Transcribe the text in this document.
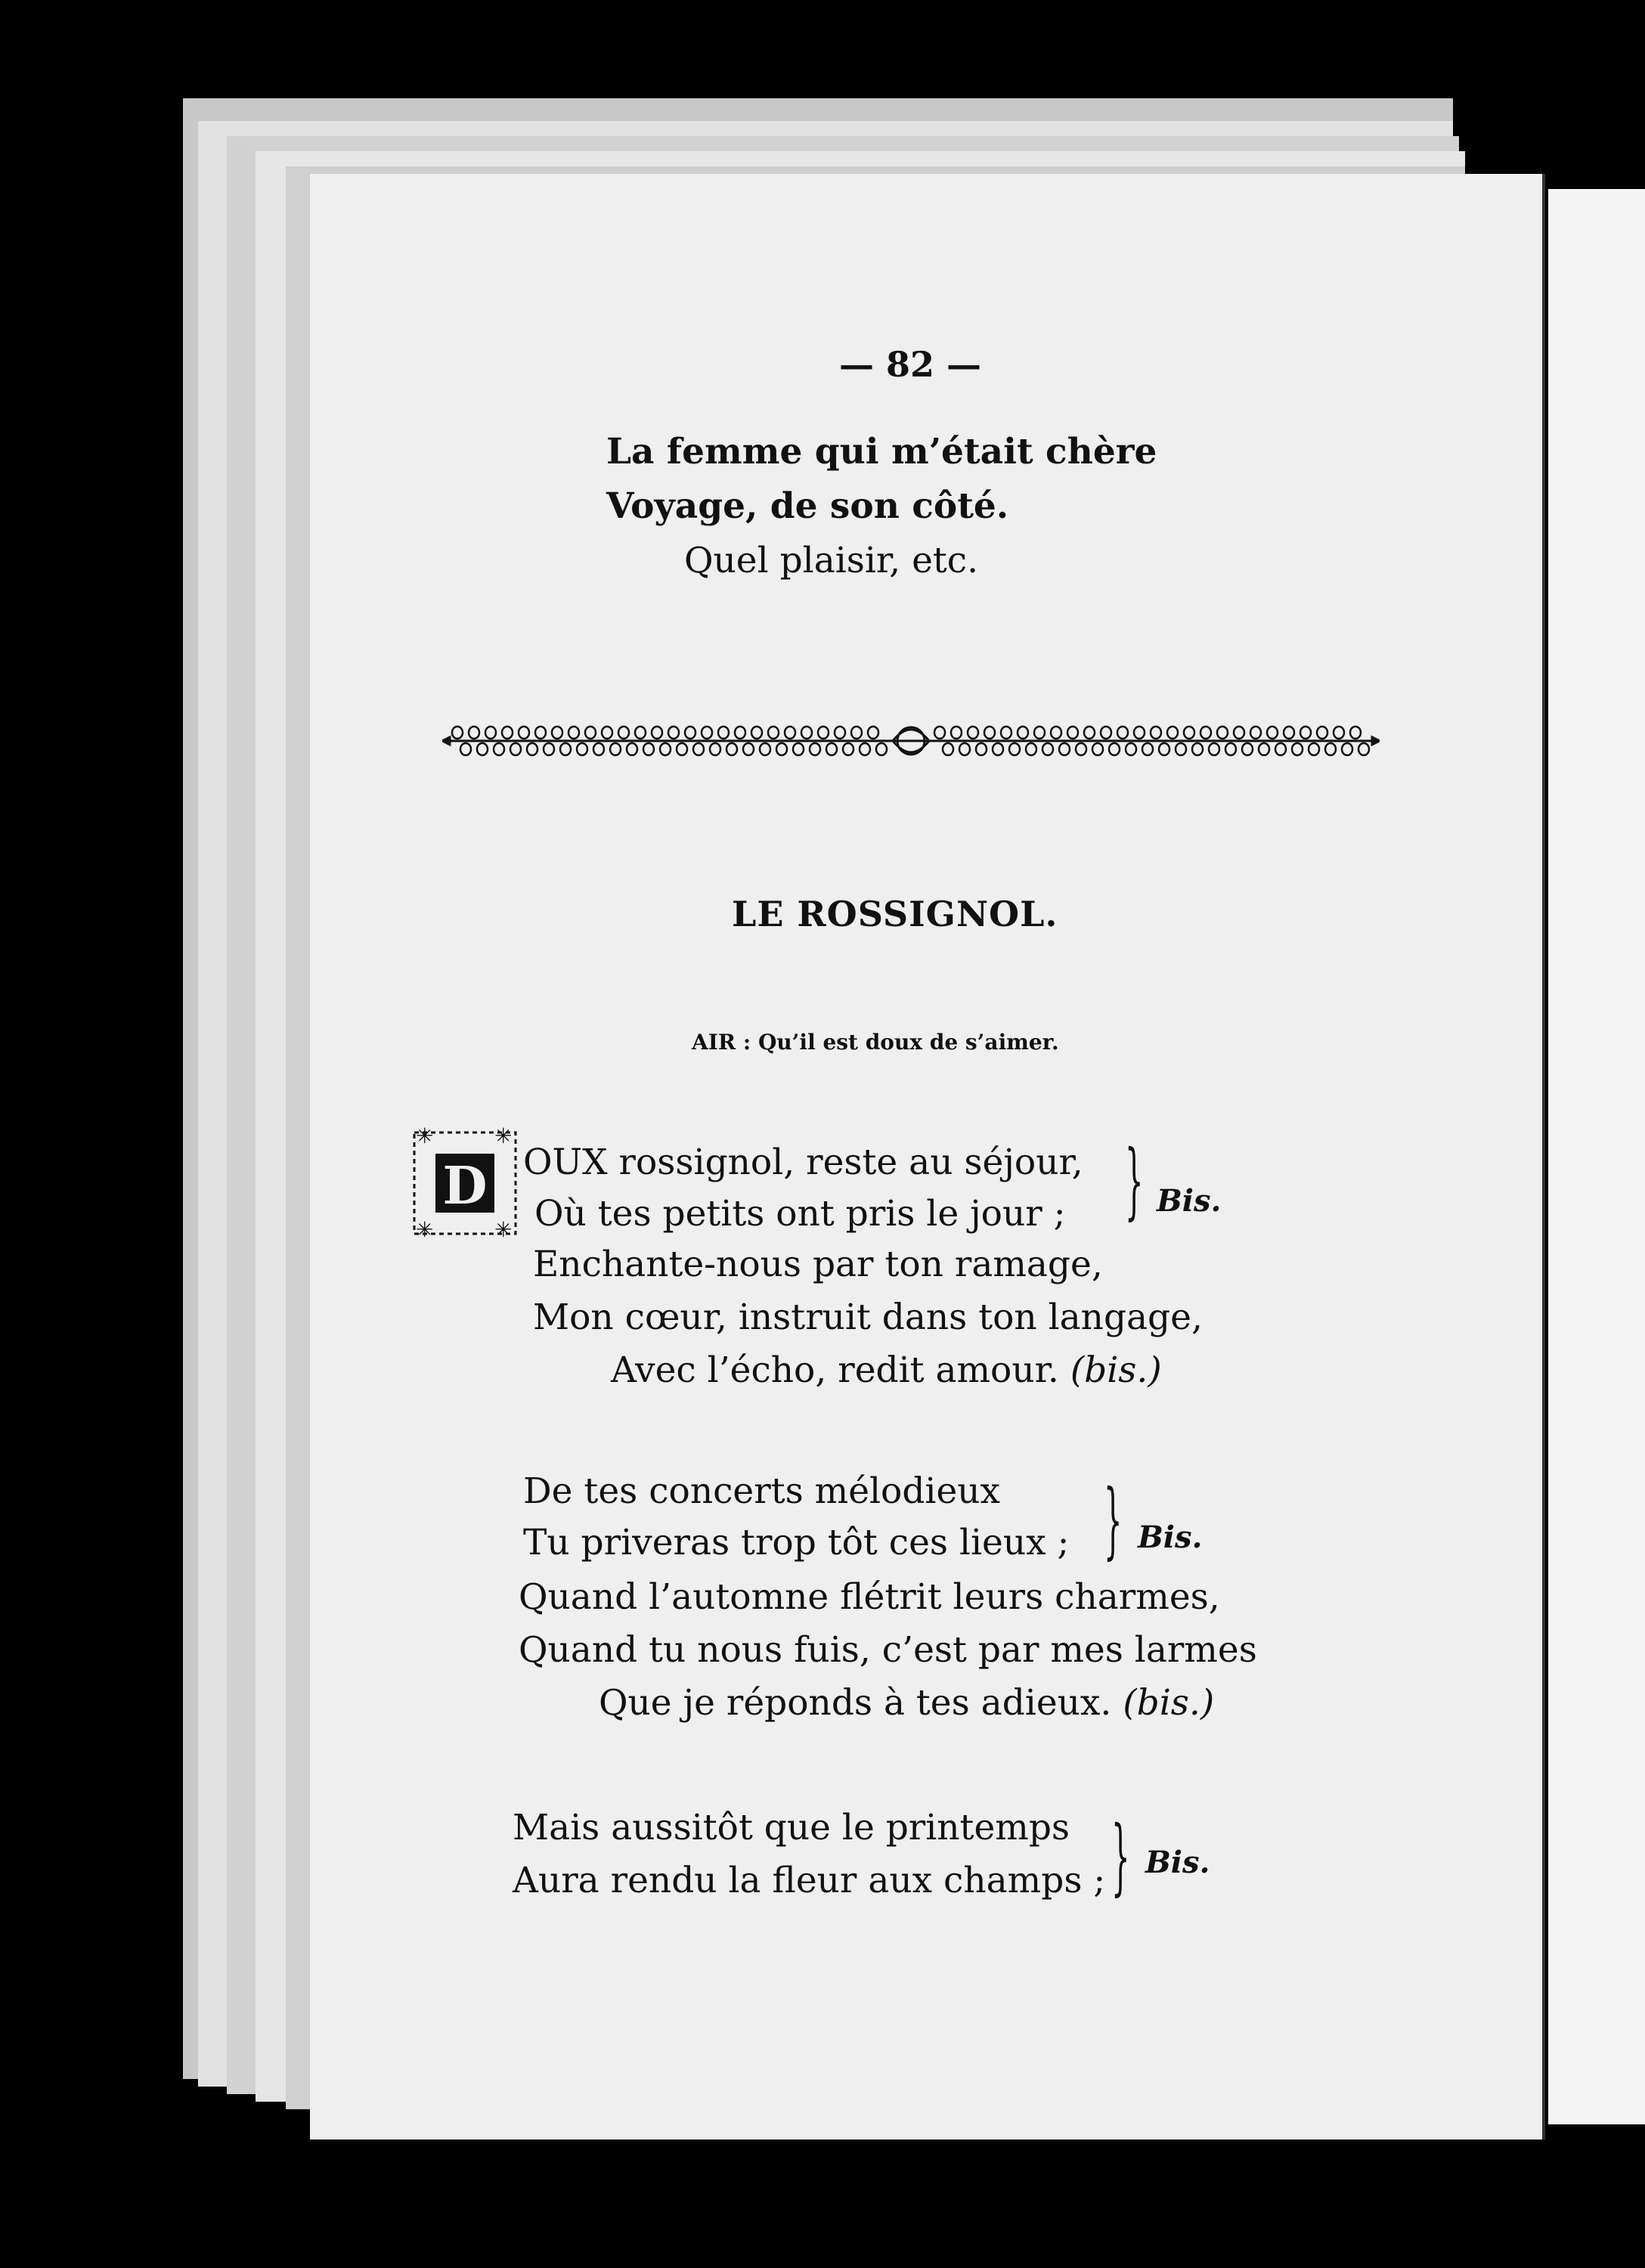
— 82 —
La femme qui m’était chère
Voyage, de son côté.
Quel plaisir, etc.
LE ROSSIGNOL.
AIR : Qu’il est doux de s’aimer.
✳	✳
✳	✳
D OUX rossignol, reste au séjour,
Où tes petits ont pris le jour ; } Bis.
Enchante-nous par ton ramage,
Mon cœur, instruit dans ton langage,
Avec l’écho, redit amour. (bis.)
De tes concerts mélodieux
Tu priveras trop tôt ces lieux ; } Bis.
Quand l’automne flétrit leurs charmes,
Quand tu nous fuis, c’est par mes larmes
Que je réponds à tes adieux. (bis.)
Mais aussitôt que le printemps
Aura rendu la fleur aux champs ; } Bis.
